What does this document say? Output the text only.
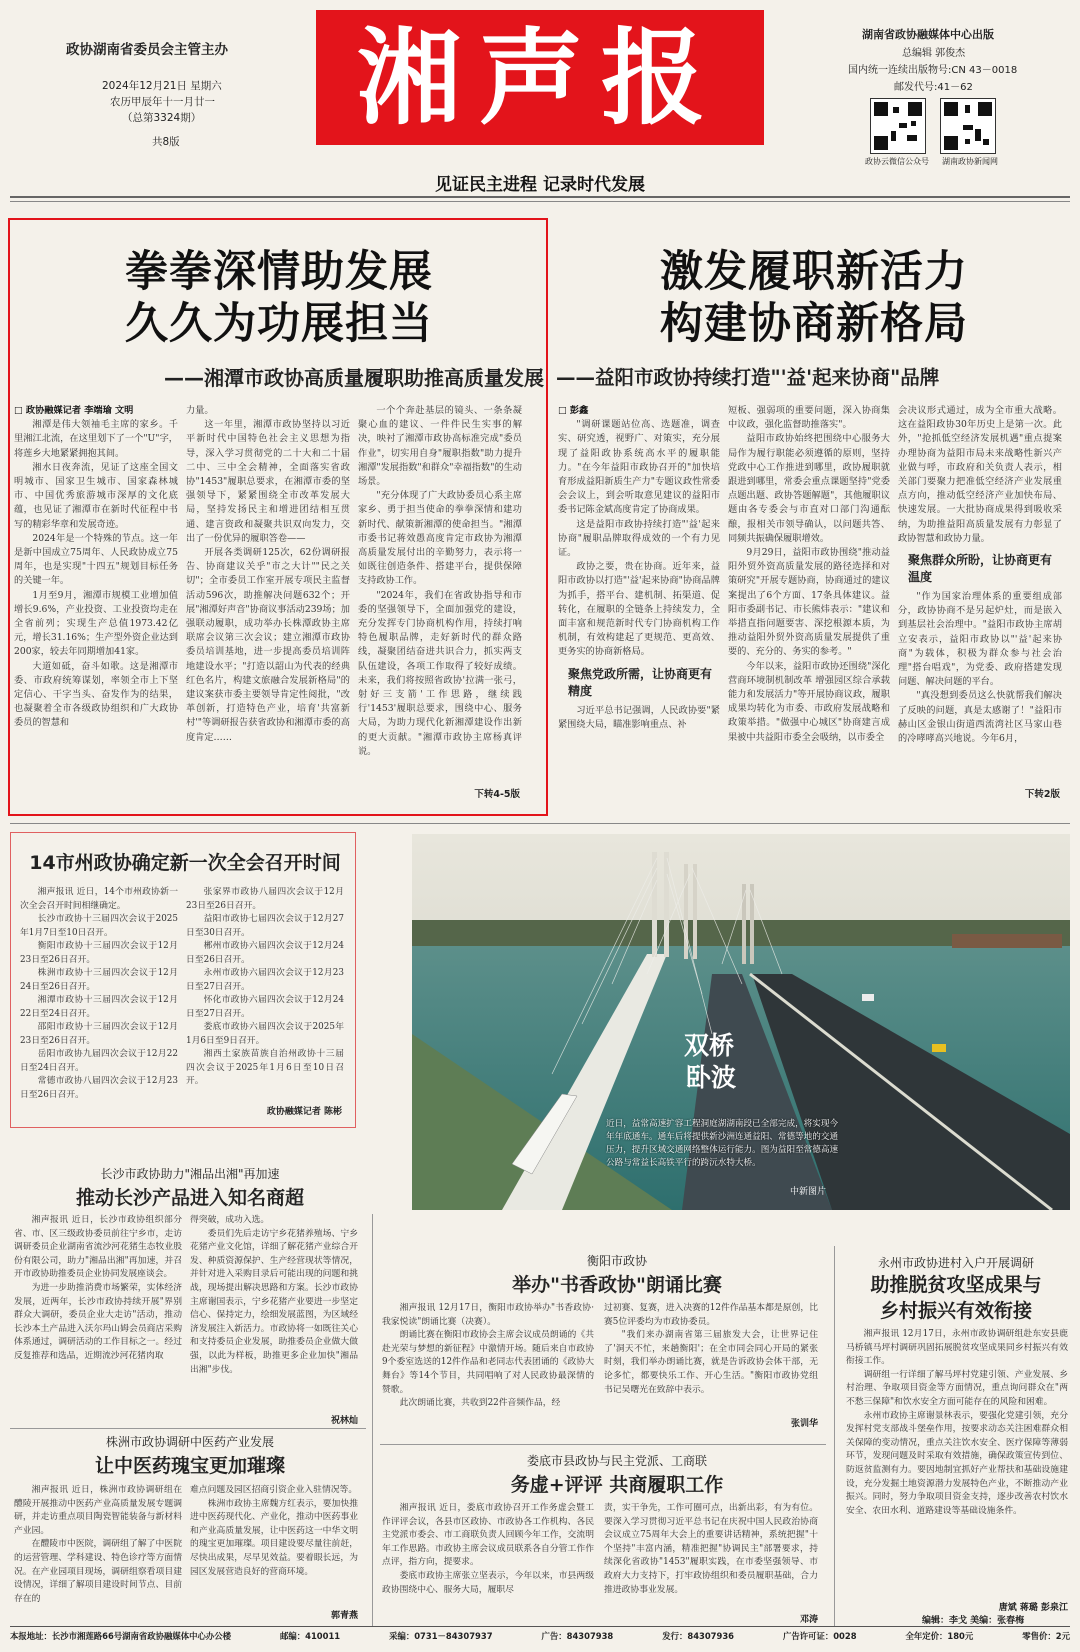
政协湖南省委员会主管主办
2024年12月21日 星期六
农历甲辰年十一月廿一
（总第3324期）
共8版
湘声报	湖南省政协融媒体中心出版
总编辑 郭俊杰
国内统一连续出版物号:CN 43－0018
邮发代号:41－62
政协云微信公众号 湖南政协新闻网
见证民主进程 记录时代发展
拳拳深情助发展
久久为功展担当
——湘潭市政协高质量履职助推高质量发展
□ 政协融媒记者 李端瑜 文明

湘潭是伟大领袖毛主席的家乡。千里湘江北流，在这里划下了一个"U"字，将莲乡大地紧紧拥抱其间。

湘水日夜奔流，见证了这座全国文明城市、国家卫生城市、国家森林城市、中国优秀旅游城市深厚的文化底蕴，也见证了湘潭市在新时代征程中书写的精彩华章和发展奇迹。

2024年是一个特殊的节点。这一年是新中国成立75周年、人民政协成立75周年，也是实现"十四五"规划目标任务的关键一年。

1月至9月，湘潭市规模工业增加值增长9.6%，产业投资、工业投资均走在全省前列；实现生产总值1973.42亿元，增长31.16%；生产型外资企业达到200家，较去年同期增加41家。

大道如砥，奋斗如歌。这是湘潭市委、市政府统筹谋划，率领全市上下坚定信心、干字当头、奋发作为的结果，也凝聚着全市各级政协组织和广大政协委员的智慧和

力量。

这一年里，湘潭市政协坚持以习近平新时代中国特色社会主义思想为指导，深入学习贯彻党的二十大和二十届二中、三中全会精神，全面落实省政协"1453"履职总要求，在湘潭市委的坚强领导下，紧紧围绕全市改革发展大局，坚持发扬民主和增进团结相互贯通、建言资政和凝聚共识双向发力，交出了一份优异的履职答卷——

开展各类调研125次，62份调研报告、协商建议关乎"市之大计""民之关切"；全市委员工作室开展专项民主监督活动596次，助推解决问题632个；开展"湘潭好声音"协商议事活动239场；加强联动履职，成功举办长株潭政协主席联席会议第三次会议；建立湘潭市政协委员培训基地，进一步提高委员培训阵地建设水平；"打造以韶山为代表的经典红色名片，构建文旅融合发展新格局"的建议案获市委主要领导肯定性阅批，"改革创新，打造特色产业，培育'共富新村'"等调研报告获省政协和湘潭市委的高度肯定……

一个个奔赴基层的镜头、一条条凝聚心血的建议、一件件民生实事的解决，映衬了湘潭市政协高标准完成"委员作业"，切实用自身"履职指数"助力提升湘潭"发展指数"和群众"幸福指数"的生动场景。

"充分体现了广大政协委员心系主席家乡、勇于担当使命的拳拳深情和建功新时代、献策新湘潭的使命担当。"湘潭市委书记蒋效愚高度肯定市政协为湘潭高质量发展付出的辛勤努力，表示将一如既往创造条件、搭建平台，提供保障支持政协工作。

"2024年，我们在省政协指导和市委的坚强领导下，全面加强党的建设，充分发挥专门协商机构作用，持续打响特色履职品牌，走好新时代的群众路线，凝聚团结奋进共识合力，抓实两支队伍建设，各项工作取得了较好成绩。未来，我们将按照省政协'拉满一张弓，射好三支箭'工作思路，继续践行'1453'履职总要求，围绕中心、服务大局，为助力现代化新湘潭建设作出新的更大贡献。"湘潭市政协主席杨真评说。

下转4-5版
激发履职新活力
构建协商新格局
——益阳市政协持续打造"'益'起来协商"品牌
□ 彭鑫

"调研课题站位高、选题准，调查实、研究透，视野广、对策实，充分展现了益阳政协系统高水平的履职能力。"在今年益阳市政协召开的"加快培育形成益阳新质生产力"专题议政性常委会会议上，到会听取意见建议的益阳市委书记陈金斌高度肯定了协商成果。

这是益阳市政协持续打造"'益'起来协商"履职品牌取得成效的一个有力见证。

政协之要，贵在协商。近年来，益阳市政协以打造"'益'起来协商"协商品牌为抓手，搭平台、建机制、拓渠道、促转化，在履职的全链条上持续发力，全面丰富和规范新时代专门协商机构工作机制，有效构建起了更规范、更高效、更务实的协商新格局。

聚焦党政所需，让协商更有精度

习近平总书记强调，人民政协要"紧紧围绕大局，瞄准影响重点、补

短板、强弱项的重要问题，深入协商集中议政，强化监督助推落实"。

益阳市政协始终把围绕中心服务大局作为履行职能必须遵循的原则，坚持党政中心工作推进到哪里，政协履职就跟进到哪里，常委会重点课题坚持"党委点题出题、政协答题解题"，其他履职议题由各专委会与市直对口部门沟通酝酿，报相关市领导确认，以问题共答、同频共振确保履职增效。

9月29日，益阳市政协围绕"推动益阳外贸外资高质量发展的路径选择和对策研究"开展专题协商，协商通过的建议案提出了6个方面、17条具体建议。益阳市委副书记、市长熊炜表示："建议和举措直指问题要害、深挖根源本质，为推动益阳外贸外资高质量发展提供了重要的、充分的、务实的参考。"

今年以来，益阳市政协还围绕"深化营商环境制机制改革 增强园区综合承载能力和发展活力"等开展协商议政，履职成果均转化为市委、市政府发展战略和政策举措。"做强中心城区"协商建言成果被中共益阳市委全会吸纳，以市委全

会决议形式通过，成为全市重大战略。这在益阳政协30年历史上是第一次。此外，"抢抓低空经济发展机遇"重点提案办理协商为益阳市局未来战略性新兴产业做与呼，市政府和关负责人表示，相关部门要聚力把准低空经济产业发展重点方向，推动低空经济产业加快布局、快速发展。一大批协商成果得到吸收采纳，为助推益阳高质量发展有力彰显了政协智慧和政协力量。

聚焦群众所盼，让协商更有温度

"作为国家治理体系的重要组成部分，政协协商不是另起炉灶，而是嵌入到基层社会治理中。"益阳市政协主席胡立安表示，益阳市政协以"'益'起来协商"为载体，积极为群众参与社会治理"搭台唱戏"，为党委、政府搭建发现问题、解决问题的平台。

"真没想到委员这么快就帮我们解决了反映的问题，真是太感谢了！"益阳市赫山区金银山街道西流湾社区马家山巷的冷哮哮高兴地说。今年6月，

下转2版
14市州政协确定新一次全会召开时间

湘声报讯 近日，14个市州政协新一次全会召开时间相继确定。

长沙市政协十三届四次会议于2025年1月7日至10日召开。

衡阳市政协十三届四次会议于12月23日至26日召开。

株洲市政协十三届四次会议于12月24日至26日召开。

湘潭市政协十三届四次会议于12月22日至24日召开。

邵阳市政协十三届四次会议于12月23日至26日召开。

岳阳市政协九届四次会议于12月22日至24日召开。

常德市政协八届四次会议于12月23日至26日召开。

张家界市政协八届四次会议于12月23日至26日召开。

益阳市政协七届四次会议于12月27日至30日召开。

郴州市政协六届四次会议于12月24日至26日召开。

永州市政协六届四次会议于12月23日至27日召开。

怀化市政协六届四次会议于12月24日至27日召开。

娄底市政协六届四次会议于2025年1月6日至9日召开。

湘西土家族苗族自治州政协十三届四次会议于2025年1月6日至10日召开。

政协融媒记者 陈彬
双桥
卧波
近日，益常高速扩容工程洞庭湖湖南段已全部完成，将实现今年年底通车。通车后将提供新沙洲连通益阳、常德等地的交通压力，提升区域交通网络整体运行能力。图为益阳至常德高速公路与常益长高铁平行的跨沅水特大桥。
中新图片
长沙市政协助力"湘品出湘"再加速
推动长沙产品进入知名商超

湘声报讯 近日，长沙市政协组织部分省、市、区三级政协委员前往宁乡市，走访调研委员企业湖南省流沙河花猪生态牧业股份有限公司，助力"湘品出湘"再加速，并召开市政协助推委员企业协同发展座谈会。

为进一步助推消费市场繁荣，实体经济发展，近两年，长沙市政协持续开展"界别群众大调研，委员企业大走访"活动，推动长沙本土产品进入沃尔玛山姆会员商店采购体系通过，调研活动的工作目标之一。经过反复推荐和选品，近期流沙河花猪肉取

得突破，成功入选。

委员们先后走访宁乡花猪养殖场、宁乡花猪产业文化馆，详细了解花猪产业综合开发、种质资源保护、生产经营现状等情况，并针对进入采购目录后可能出现的问题和挑战，现场提出解决思路和方案。长沙市政协主席谢国表示，宁乡花猪产业要进一步坚定信心、保持定力，绘细发展蓝图，为区域经济发展注入新活力。市政协将一如既往关心和支持委员企业发展，助推委员企业做大做强，以此为样板，助推更多企业加快"湘品出湘"步伐。

祝林灿
株洲市政协调研中医药产业发展
让中医药瑰宝更加璀璨

湘声报讯 近日，株洲市政协调研组在醴陵开展推动中医药产业高质量发展专题调研，并走访重点项目陶瓷智能装备与新材料产业园。

在醴陵市中医院，调研组了解了中医院的运营管理、学科建设、特色诊疗等方面情况。在产业园项目现场，调研组察看项目建设情况，详细了解项目建设时间节点、目前存在的

难点问题及园区招商引资企业入驻情况等。

株洲市政协主席魏方红表示，要加快推进中医药现代化、产业化，推动中医药事业和产业高质量发展，让中医药这一中华文明的瑰宝更加璀璨。项目建设要尽量往前赶，尽快出成果，尽早见效益。要着眼长远，为园区发展营造良好的营商环境。

郭青燕
衡阳市政协
举办"书香政协"朗诵比赛

湘声报讯 12月17日，衡阳市政协举办"书香政协·我家悦读"朗诵比赛（决赛）。

朗诵比赛在衡阳市政协会主席会议成员朗诵的《共赴光荣与梦想的新征程》中激情开场。随后来自市政协9个委室选送的12件作品和老同志代表团诵的《政协大舞台》等14个节目，共同唱响了对人民政协最深情的赞歌。

此次朗诵比赛，共收到22件音频作品，经

过初赛、复赛，进入决赛的12件作品基本都是原创，比赛5位评委均为市政协委员。

"我们来办湖南省第三届旅发大会，让世界记住了'洞天不忙，来趟衡阳'；在全市同会同心开局的紧张时刻，我们举办朗诵比赛，就是告诉政协会体干部，无论多忙，都要快乐工作、开心生活。"衡阳市政协党组书记吴曙光在致辞中表示。

张训华
娄底市县政协与民主党派、工商联
务虚+评评 共商履职工作

湘声报讯 近日，娄底市政协召开工作务虚会暨工作评评会议，各县市区政协、市政协各工作机构、各民主党派市委会、市工商联负责人回顾今年工作，交流明年工作思路。市政协主席会议成员联系各自分管工作作点评，指方向，提要求。

娄底市政协主席张立坚表示，今年以来，市县两级政协围绕中心、服务大局，履职尽

责，实干争先，工作可圈可点，出新出彩，有为有位。要深入学习贯彻习近平总书记在庆祝中国人民政治协商会议成立75周年大会上的重要讲话精神，系统把握"十个坚持"丰富内涵，精准把握"协调民主"部署要求，持续深化省政协"1453"履职实践，在市委坚强领导、市政府大力支持下，打牢政协组织和委员履职基础，合力推进政协事业发展。

邓涛
永州市政协进村入户开展调研
助推脱贫攻坚成果与
乡村振兴有效衔接

湘声报讯 12月17日，永州市政协调研组赴东安县鹿马桥镇马坪村调研巩固拓展脱贫攻坚成果同乡村振兴有效衔接工作。

调研组一行详细了解马坪村党建引领、产业发展、乡村治理、争取项目资金等方面情况，重点询问群众在"两不愁三保障"和饮水安全方面可能存在的风险和困难。

永州市政协主席谢景林表示，要强化党建引领，充分发挥村党支部战斗堡垒作用，按要求动态关注困难群众相关保障的变动情况，重点关注饮水安全、医疗保障等薄弱环节，发现问题及时采取有效措施，确保政策宣传到位、防返贫监测有力。要因地制宜抓好产业帮扶和基础设施建设，充分发掘土地资源潜力发展特色产业，不断推动产业振兴。同时，努力争取项目资金支持，逐步改善农村饮水安全、农田水利、道路建设等基础设施条件。

唐斌 蒋璐 彭泉江
编辑：李戈 美编：张春梅
本报地址：长沙市湘莲路66号湖南省政协融媒体中心办公楼	邮编：410011	采编：0731－84307937	广告：84307938	发行：84307936	广告许可证：0028	全年定价：180元	零售价：2元
